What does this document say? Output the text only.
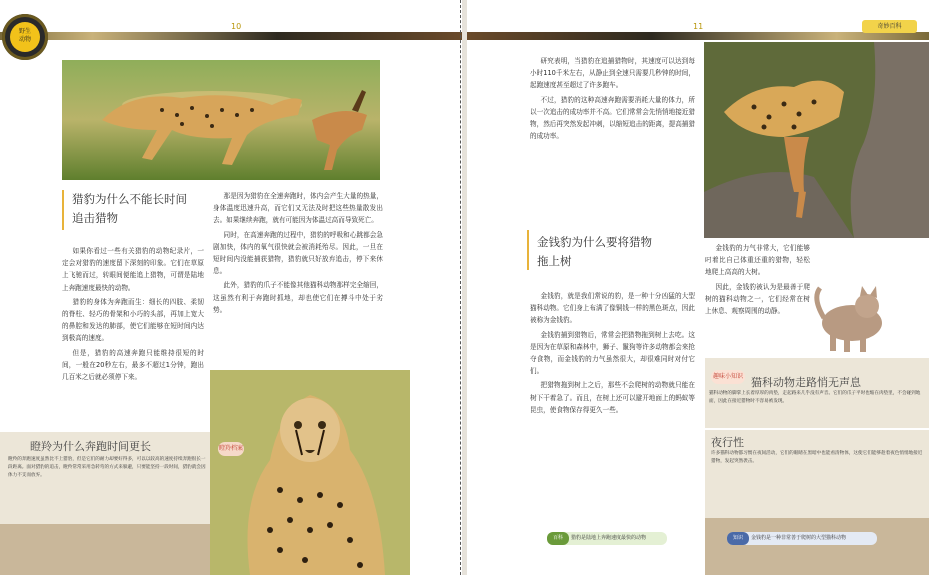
野生
动物
10
猎豹为什么不能长时间
追击猎物

如果你看过一些有关猎豹的动物纪录片，一定会对猎豹的速度留下深刻的印象。它们在草原上飞驰而过，转眼间便能追上猎物，可谓是陆地上奔跑速度最快的动物。

猎豹的身体为奔跑而生：细长的四肢、柔韧的脊柱、轻巧的骨架和小巧的头部，再加上宽大的鼻腔和发达的肺部，使它们能够在短时间内达到极高的速度。

但是，猎豹的高速奔跑只能维持很短的时间，一般在20秒左右，最多不超过1分钟，跑出几百米之后就必须停下来。

那是因为猎豹在全速奔跑时，体内会产生大量的热量，身体温度迅速升高，而它们又无法及时把这些热量散发出去。如果继续奔跑，就有可能因为体温过高而导致死亡。

同时，在高速奔跑的过程中，猎豹的呼吸和心跳都会急剧加快，体内的氧气很快就会被消耗殆尽。因此，一旦在短时间内没能捕获猎物，猎豹就只好放弃追击，停下来休息。

此外，猎豹的爪子不能像其他猫科动物那样完全缩回，这虽然有利于奔跑时抓地，却也使它们在搏斗中处于劣势。

瞪羚为什么奔跑时间更长	瞪羚档案
瞪羚的奔跑速度虽然比不上猎豹，但是它们的耐力却要好得多，可以以较高的速度持续奔跑很长一段距离。面对猎豹的追击，瞪羚常常采用急转弯的方式来躲避，只要能坚持一段时间，猎豹就会因体力不支而放弃。
11	奇妙百科

研究表明，当猎豹在追捕猎物时，其速度可以达到每小时110千米左右，从静止到全速只需要几秒钟的时间，起跑速度甚至超过了许多跑车。

不过，猎豹的这种高速奔跑需要消耗大量的体力，所以一次追击的成功率并不高。它们常常会先悄悄地接近猎物，然后再突然发起冲刺，以缩短追击的距离，提高捕猎的成功率。

金钱豹为什么要将猎物
拖上树

金钱豹，就是我们常说的豹，是一种十分凶猛的大型猫科动物。它们身上布满了像铜钱一样的黑色斑点，因此被称为金钱豹。

金钱豹捕到猎物后，常常会把猎物拖到树上去吃。这是因为在草原和森林中，狮子、鬣狗等许多动物都会来抢夺食物，而金钱豹的力气虽然很大，却很难同时对付它们。

把猎物拖到树上之后，那些不会爬树的动物就只能在树下干着急了。而且，在树上还可以避开地面上的蚂蚁等昆虫，使食物保存得更久一些。

金钱豹的力气非常大，它们能够叼着比自己体重还重的猎物，轻松地爬上高高的大树。

因此，金钱豹被认为是最善于爬树的猫科动物之一，它们经常在树上休息、观察周围的动静。

趣味小知识 猫科动物走路悄无声息
猫科动物的脚掌上长着厚厚的肉垫，走起路来几乎没有声音。它们的爪子平时也缩在肉垫里，不会碰到地面，因此在接近猎物时不容易被发现。
夜行性
许多猫科动物都习惯在夜间活动，它们的眼睛在黑暗中也能看清物体，这使它们能够趁着夜色悄悄地接近猎物，发起突然袭击。
猎豹是陆地上奔跑速度最快的动物
百科	金钱豹是一种非常善于爬树的大型猫科动物
知识
